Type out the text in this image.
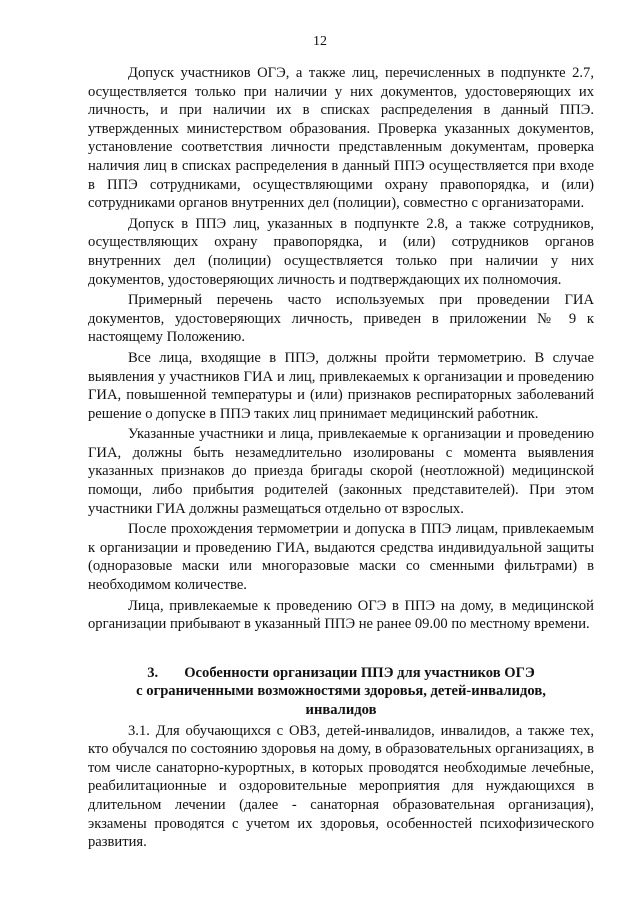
12

Допуск участников ОГЭ, а также лиц, перечисленных в подпункте 2.7, осуществляется только при наличии у них документов, удостоверяющих их личность, и при наличии их в списках распределения в данный ППЭ. утвержденных министерством образования. Проверка указанных документов, установление соответствия личности представленным документам, проверка наличия лиц в списках распределения в данный ППЭ осуществляется при входе в ППЭ сотрудниками, осуществляющими охрану правопорядка, и (или) сотрудниками органов внутренних дел (полиции), совместно с организаторами.

Допуск в ППЭ лиц, указанных в подпункте 2.8, а также сотрудников, осуществляющих охрану правопорядка, и (или) сотрудников органов внутренних дел (полиции) осуществляется только при наличии у них документов, удостоверяющих личность и подтверждающих их полномочия.

Примерный перечень часто используемых при проведении ГИА документов, удостоверяющих личность, приведен в приложении № 9 к настоящему Положению.

Все лица, входящие в ППЭ, должны пройти термометрию. В случае выявления у участников ГИА и лиц, привлекаемых к организации и проведению ГИА, повышенной температуры и (или) признаков респираторных заболеваний решение о допуске в ППЭ таких лиц принимает медицинский работник.

Указанные участники и лица, привлекаемые к организации и проведению ГИА, должны быть незамедлительно изолированы с момента выявления указанных признаков до приезда бригады скорой (неотложной) медицинской помощи, либо прибытия родителей (законных представителей). При этом участники ГИА должны размещаться отдельно от взрослых.

После прохождения термометрии и допуска в ППЭ лицам, привлекаемым к организации и проведению ГИА, выдаются средства индивидуальной защиты (одноразовые маски или многоразовые маски со сменными фильтрами) в необходимом количестве.

Лица, привлекаемые к проведению ОГЭ в ППЭ на дому, в медицинской организации прибывают в указанный ППЭ не ранее 09.00 по местному времени.

3. Особенности организации ППЭ для участников ОГЭ
с ограниченными возможностями здоровья, детей-инвалидов,
инвалидов

3.1. Для обучающихся с ОВЗ, детей-инвалидов, инвалидов, а также тех, кто обучался по состоянию здоровья на дому, в образовательных организациях, в том числе санаторно-курортных, в которых проводятся необходимые лечебные, реабилитационные и оздоровительные мероприятия для нуждающихся в длительном лечении (далее - санаторная образовательная организация), экзамены проводятся с учетом их здоровья, особенностей психофизического развития.
